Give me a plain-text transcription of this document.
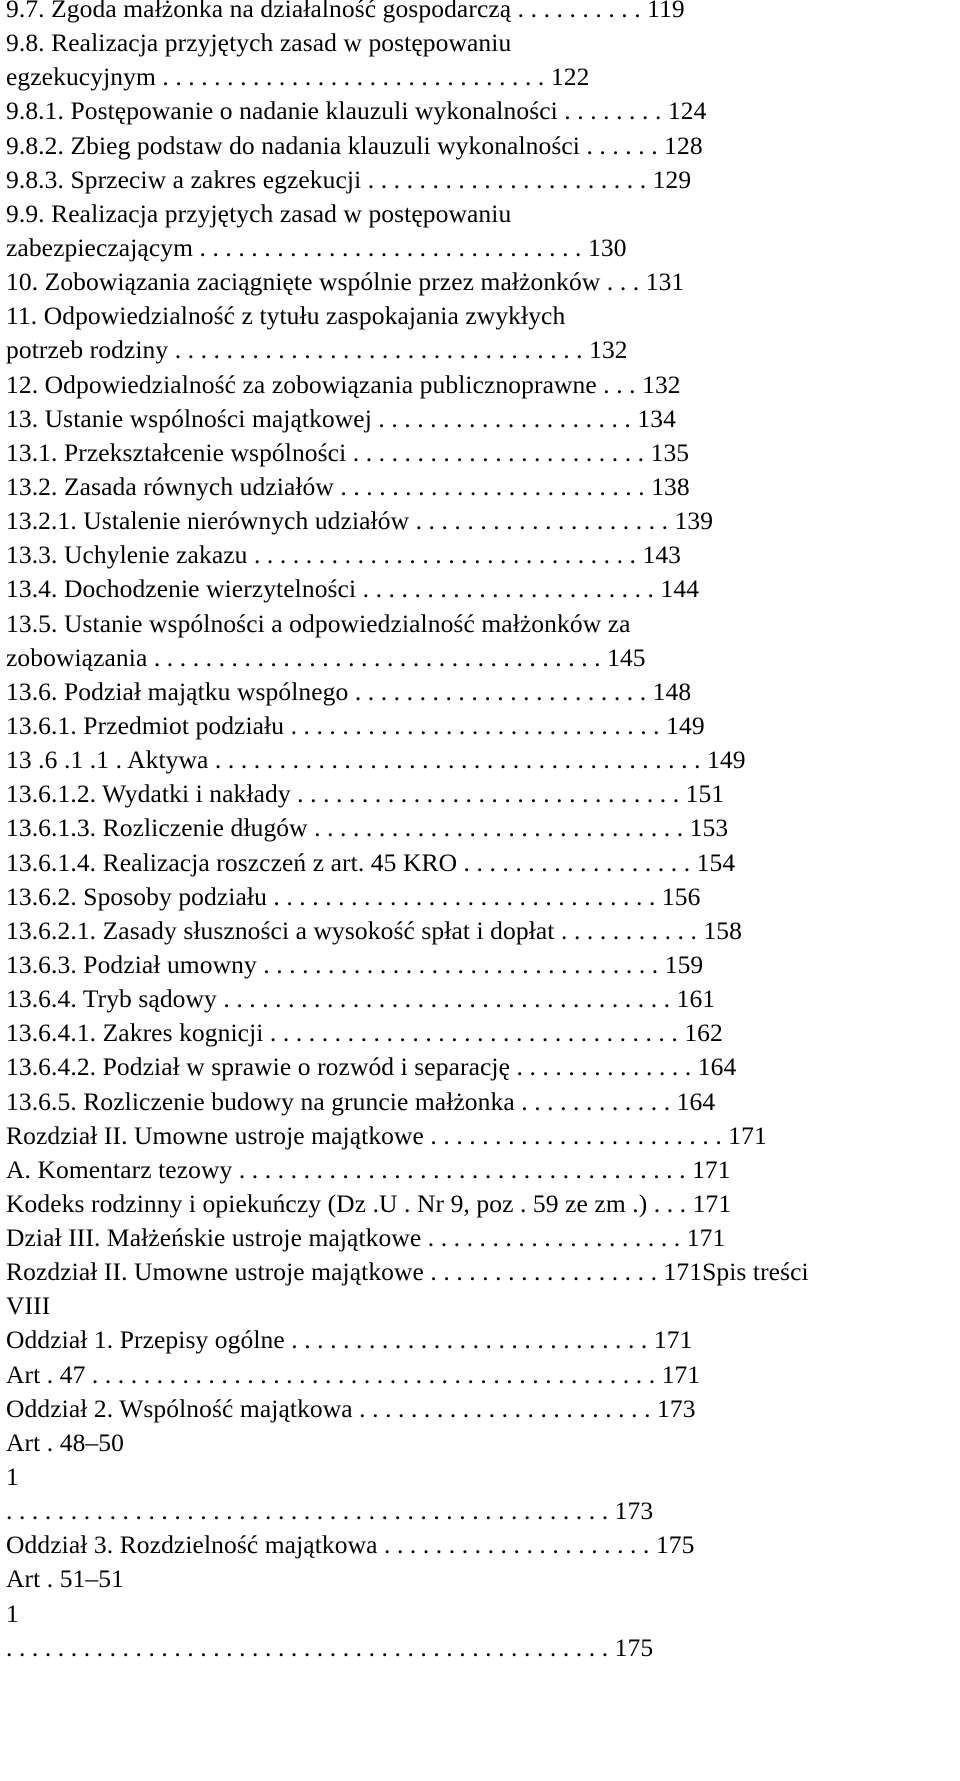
9.7. Zgoda małżonka na działalność gospodarczą . . . . . . . . . . 119
9.8. Realizacja przyjętych zasad w postępowaniu
egzekucyjnym . . . . . . . . . . . . . . . . . . . . . . . . . . . . . . 122
9.8.1. Postępowanie o nadanie klauzuli wykonalności . . . . . . . . 124
9.8.2. Zbieg podstaw do nadania klauzuli wykonalności . . . . . . 128
9.8.3. Sprzeciw a zakres egzekucji . . . . . . . . . . . . . . . . . . . . . . 129
9.9. Realizacja przyjętych zasad w postępowaniu
zabezpieczającym . . . . . . . . . . . . . . . . . . . . . . . . . . . . . . 130
10. Zobowiązania zaciągnięte wspólnie przez małżonków . . . 131
11. Odpowiedzialność z tytułu zaspokajania zwykłych
potrzeb rodziny . . . . . . . . . . . . . . . . . . . . . . . . . . . . . . . . 132
12. Odpowiedzialność za zobowiązania publicznoprawne . . . 132
13. Ustanie wspólności majątkowej . . . . . . . . . . . . . . . . . . . . 134
13.1. Przekształcenie wspólności . . . . . . . . . . . . . . . . . . . . . . . 135
13.2. Zasada równych udziałów . . . . . . . . . . . . . . . . . . . . . . . . 138
13.2.1. Ustalenie nierównych udziałów . . . . . . . . . . . . . . . . . . . . 139
13.3. Uchylenie zakazu . . . . . . . . . . . . . . . . . . . . . . . . . . . . . . 143
13.4. Dochodzenie wierzytelności . . . . . . . . . . . . . . . . . . . . . . . 144
13.5. Ustanie wspólności a odpowiedzialność małżonków za
zobowiązania . . . . . . . . . . . . . . . . . . . . . . . . . . . . . . . . . . . 145
13.6. Podział majątku wspólnego . . . . . . . . . . . . . . . . . . . . . . . 148
13.6.1. Przedmiot podziału . . . . . . . . . . . . . . . . . . . . . . . . . . . . . 149
13 .6 .1 .1 . Aktywa . . . . . . . . . . . . . . . . . . . . . . . . . . . . . . . . . . . . . . 149
13.6.1.2. Wydatki i nakłady . . . . . . . . . . . . . . . . . . . . . . . . . . . . . . 151
13.6.1.3. Rozliczenie długów . . . . . . . . . . . . . . . . . . . . . . . . . . . . . 153
13.6.1.4. Realizacja roszczeń z art. 45 KRO . . . . . . . . . . . . . . . . . . 154
13.6.2. Sposoby podziału . . . . . . . . . . . . . . . . . . . . . . . . . . . . . . 156
13.6.2.1. Zasady słuszności a wysokość spłat i dopłat . . . . . . . . . . . 158
13.6.3. Podział umowny . . . . . . . . . . . . . . . . . . . . . . . . . . . . . . . 159
13.6.4. Tryb sądowy . . . . . . . . . . . . . . . . . . . . . . . . . . . . . . . . . . . 161
13.6.4.1. Zakres kognicji . . . . . . . . . . . . . . . . . . . . . . . . . . . . . . . . 162
13.6.4.2. Podział w sprawie o rozwód i separację . . . . . . . . . . . . . . 164
13.6.5. Rozliczenie budowy na gruncie małżonka . . . . . . . . . . . . 164
Rozdział II. Umowne ustroje majątkowe . . . . . . . . . . . . . . . . . . . . . . . 171
A. Komentarz tezowy . . . . . . . . . . . . . . . . . . . . . . . . . . . . . . . . . . . 171
Kodeks rodzinny i opiekuńczy (Dz .U . Nr 9, poz . 59 ze zm .) . . . 171
Dział III. Małżeńskie ustroje majątkowe . . . . . . . . . . . . . . . . . . . . 171
Rozdział II. Umowne ustroje majątkowe . . . . . . . . . . . . . . . . . . 171Spis treści
VIII
Oddział 1. Przepisy ogólne . . . . . . . . . . . . . . . . . . . . . . . . . . . . 171
Art . 47 . . . . . . . . . . . . . . . . . . . . . . . . . . . . . . . . . . . . . . . . . . . . 171
Oddział 2. Wspólność majątkowa . . . . . . . . . . . . . . . . . . . . . . . 173
Art . 48–50
1
. . . . . . . . . . . . . . . . . . . . . . . . . . . . . . . . . . . . . . . . . . . . . . . 173
Oddział 3. Rozdzielność majątkowa . . . . . . . . . . . . . . . . . . . . . 175
Art . 51–51
1
. . . . . . . . . . . . . . . . . . . . . . . . . . . . . . . . . . . . . . . . . . . . . . . 175
